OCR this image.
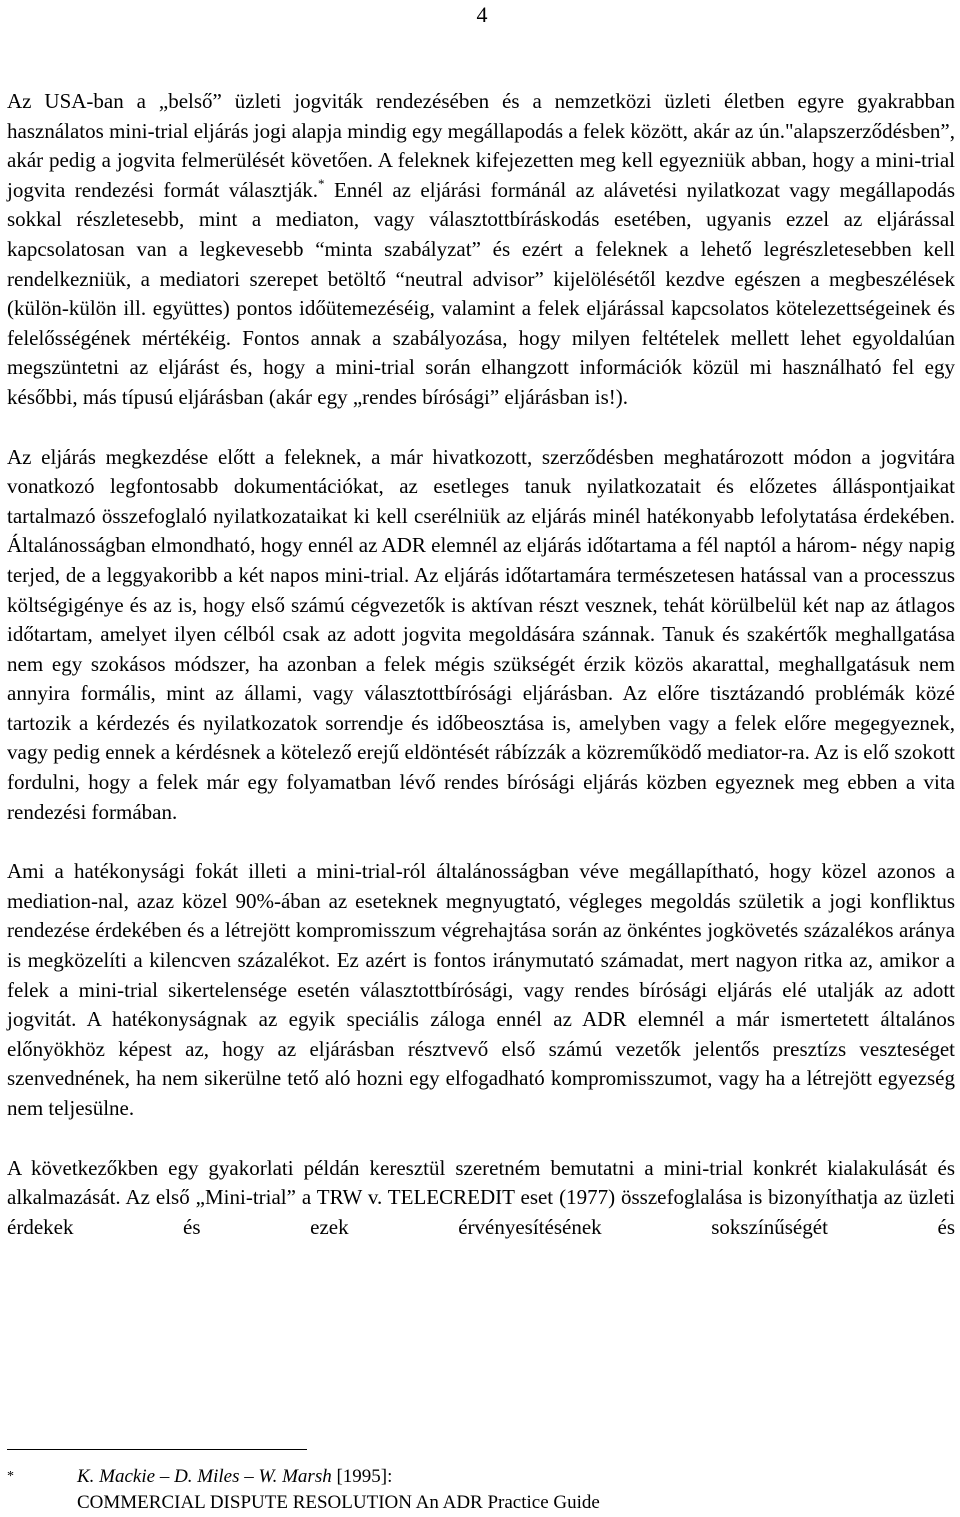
4

Az USA-ban a „belső” üzleti jogviták rendezésében és a nemzetközi üzleti életben egyre gyakrabban használatos mini-trial eljárás jogi alapja mindig egy megállapodás a felek között, akár az ún."alapszerződésben”, akár pedig a jogvita felmerülését követően. A feleknek kifejezetten meg kell egyezniük abban, hogy a mini-trial jogvita rendezési formát választják.* Ennél az eljárási formánál az alávetési nyilatkozat vagy megállapodás sokkal részletesebb, mint a mediaton, vagy választottbíráskodás esetében, ugyanis ezzel az eljárással kapcsolatosan van a legkevesebb “minta szabályzat” és ezért a feleknek a lehető legrészletesebben kell rendelkezniük, a mediatori szerepet betöltő “neutral advisor” kijelölésétől kezdve egészen a megbeszélések (külön-külön ill. együttes) pontos időütemezéséig, valamint a felek eljárással kapcsolatos kötelezettségeinek és felelősségének mértékéig. Fontos annak a szabályozása, hogy milyen feltételek mellett lehet egyoldalúan megszüntetni az eljárást és, hogy a mini-trial során elhangzott információk közül mi használható fel egy későbbi, más típusú eljárásban (akár egy „rendes bírósági” eljárásban is!).

Az eljárás megkezdése előtt a feleknek, a már hivatkozott, szerződésben meghatározott módon a jogvitára vonatkozó legfontosabb dokumentációkat, az esetleges tanuk nyilatkozatait és előzetes álláspontjaikat tartalmazó összefoglaló nyilatkozataikat ki kell cserélniük az eljárás minél hatékonyabb lefolytatása érdekében. Általánosságban elmondható, hogy ennél az ADR elemnél az eljárás időtartama a fél naptól a három- négy napig terjed, de a leggyakoribb a két napos mini-trial. Az eljárás időtartamára természetesen hatással van a processzus költségigénye és az is, hogy első számú cégvezetők is aktívan részt vesznek, tehát körülbelül két nap az átlagos időtartam, amelyet ilyen célból csak az adott jogvita megoldására szánnak. Tanuk és szakértők meghallgatása nem egy szokásos módszer, ha azonban a felek mégis szükségét érzik közös akarattal, meghallgatásuk nem annyira formális, mint az állami, vagy választottbírósági eljárásban. Az előre tisztázandó problémák közé tartozik a kérdezés és nyilatkozatok sorrendje és időbeosztása is, amelyben vagy a felek előre megegyeznek, vagy pedig ennek a kérdésnek a kötelező erejű eldöntését rábízzák a közreműködő mediator-ra. Az is elő szokott fordulni, hogy a felek már egy folyamatban lévő rendes bírósági eljárás közben egyeznek meg ebben a vita rendezési formában.

Ami a hatékonysági fokát illeti a mini-trial-ról általánosságban véve megállapítható, hogy közel azonos a mediation-nal, azaz közel 90%-ában az eseteknek megnyugtató, végleges megoldás születik a jogi konfliktus rendezése érdekében és a létrejött kompromisszum végrehajtása során az önkéntes jogkövetés százalékos aránya is megközelíti a kilencven százalékot. Ez azért is fontos iránymutató számadat, mert nagyon ritka az, amikor a felek a mini-trial sikertelensége esetén választottbírósági, vagy rendes bírósági eljárás elé utalják az adott jogvitát. A hatékonyságnak az egyik speciális záloga ennél az ADR elemnél a már ismertetett általános előnyökhöz képest az, hogy az eljárásban résztvevő első számú vezetők jelentős presztízs veszteséget szenvednének, ha nem sikerülne tető aló hozni egy elfogadható kompromisszumot, vagy ha a létrejött egyezség nem teljesülne.

A következőkben egy gyakorlati példán keresztül szeretném bemutatni a mini-trial konkrét kialakulását és alkalmazását. Az első „Mini-trial” a TRW v. TELECREDIT eset (1977) összefoglalása is bizonyíthatja az üzleti érdekek és ezek érvényesítésének sokszínűségét és

*	K. Mackie – D. Miles – W. Marsh [1995]:
COMMERCIAL DISPUTE RESOLUTION An ADR Practice Guide
